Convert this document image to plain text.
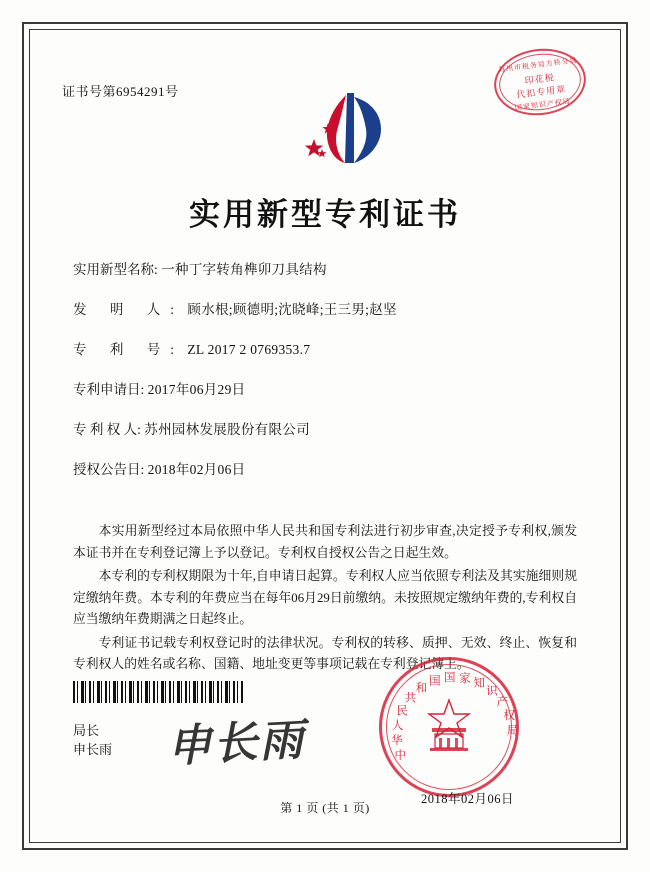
证书号第6954291号
苏州市税务局方桥分局
印花税
代扣专用章
国家知识产权局
实用新型专利证书
实用新型名称: 一种丁字转角榫卯刀具结构
发 明 人: 顾水根;顾德明;沈晓峰;王三男;赵坚
专 利 号: ZL 2017 2 0769353.7
专利申请日: 2017年06月29日
专 利 权 人: 苏州园林发展股份有限公司
授权公告日: 2018年02月06日

本实用新型经过本局依照中华人民共和国专利法进行初步审查,决定授予专利权,颁发本证书并在专利登记簿上予以登记。专利权自授权公告之日起生效。

本专利的专利权期限为十年,自申请日起算。专利权人应当依照专利法及其实施细则规定缴纳年费。本专利的年费应当在每年06月29日前缴纳。未按照规定缴纳年费的,专利权自应当缴纳年费期满之日起终止。

专利证书记载专利权登记时的法律状况。专利权的转移、质押、无效、终止、恢复和专利权人的姓名或名称、国籍、地址变更等事项记载在专利登记簿上。

局长
申长雨 申长雨	中
华
人
民
共
和
国 国 家 知
识
产
权
局
2018年02月06日
第 1 页 (共 1 页)
